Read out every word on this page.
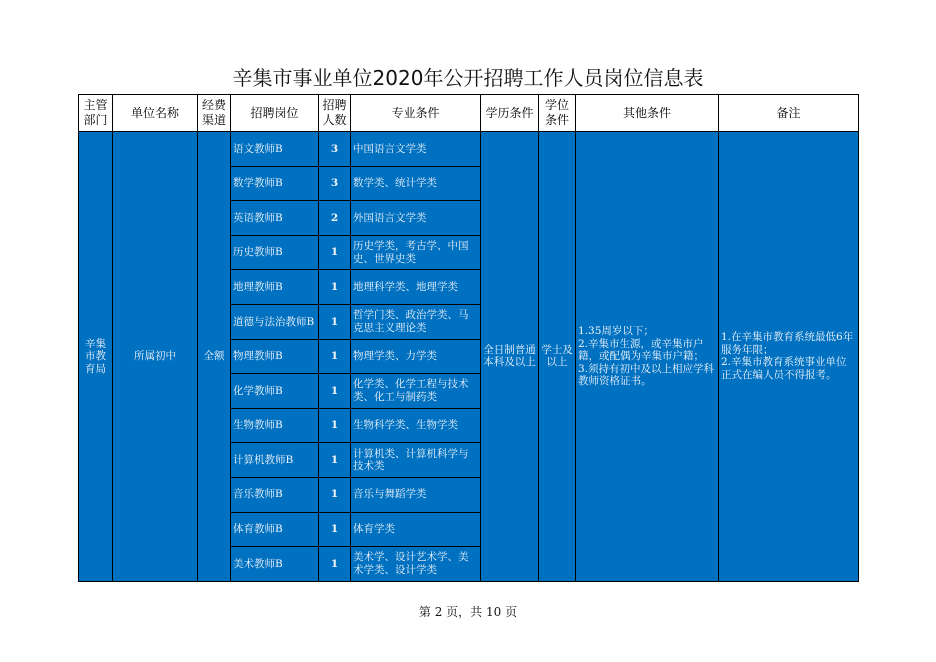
辛集市事业单位2020年公开招聘工作人员岗位信息表
主管部门	单位名称	经费渠道	招聘岗位	招聘人数	专业条件	学历条件	学位条件	其他条件	备注
辛集市教育局	所属初中	全额	语文教师B	3	中国语言文学类	全日制普通本科及以上	学士及以上	1.35周岁以下；
2.辛集市生源，或辛集市户籍，或配偶为辛集市户籍；
3.须持有初中及以上相应学科教师资格证书。	1.在辛集市教育系统最低6年服务年限；
2.辛集市教育系统事业单位正式在编人员不得报考。

			数学教师B	3	数学类、统计学类				
			英语教师B	2	外国语言文学类				
			历史教师B	1	历史学类，考古学、中国史、世界史类				
			地理教师B	1	地理科学类、地理学类				
			道德与法治教师B	1	哲学门类、政治学类、马克思主义理论类				
			物理教师B	1	物理学类、力学类				
			化学教师B	1	化学类、化学工程与技术类、化工与制药类				
			生物教师B	1	生物科学类、生物学类				
			计算机教师B	1	计算机类、计算机科学与技术类				
			音乐教师B	1	音乐与舞蹈学类				
			体育教师B	1	体育学类				
			美术教师B	1	美术学、设计艺术学、美术学类、设计学类				
第 2 页，共 10 页
